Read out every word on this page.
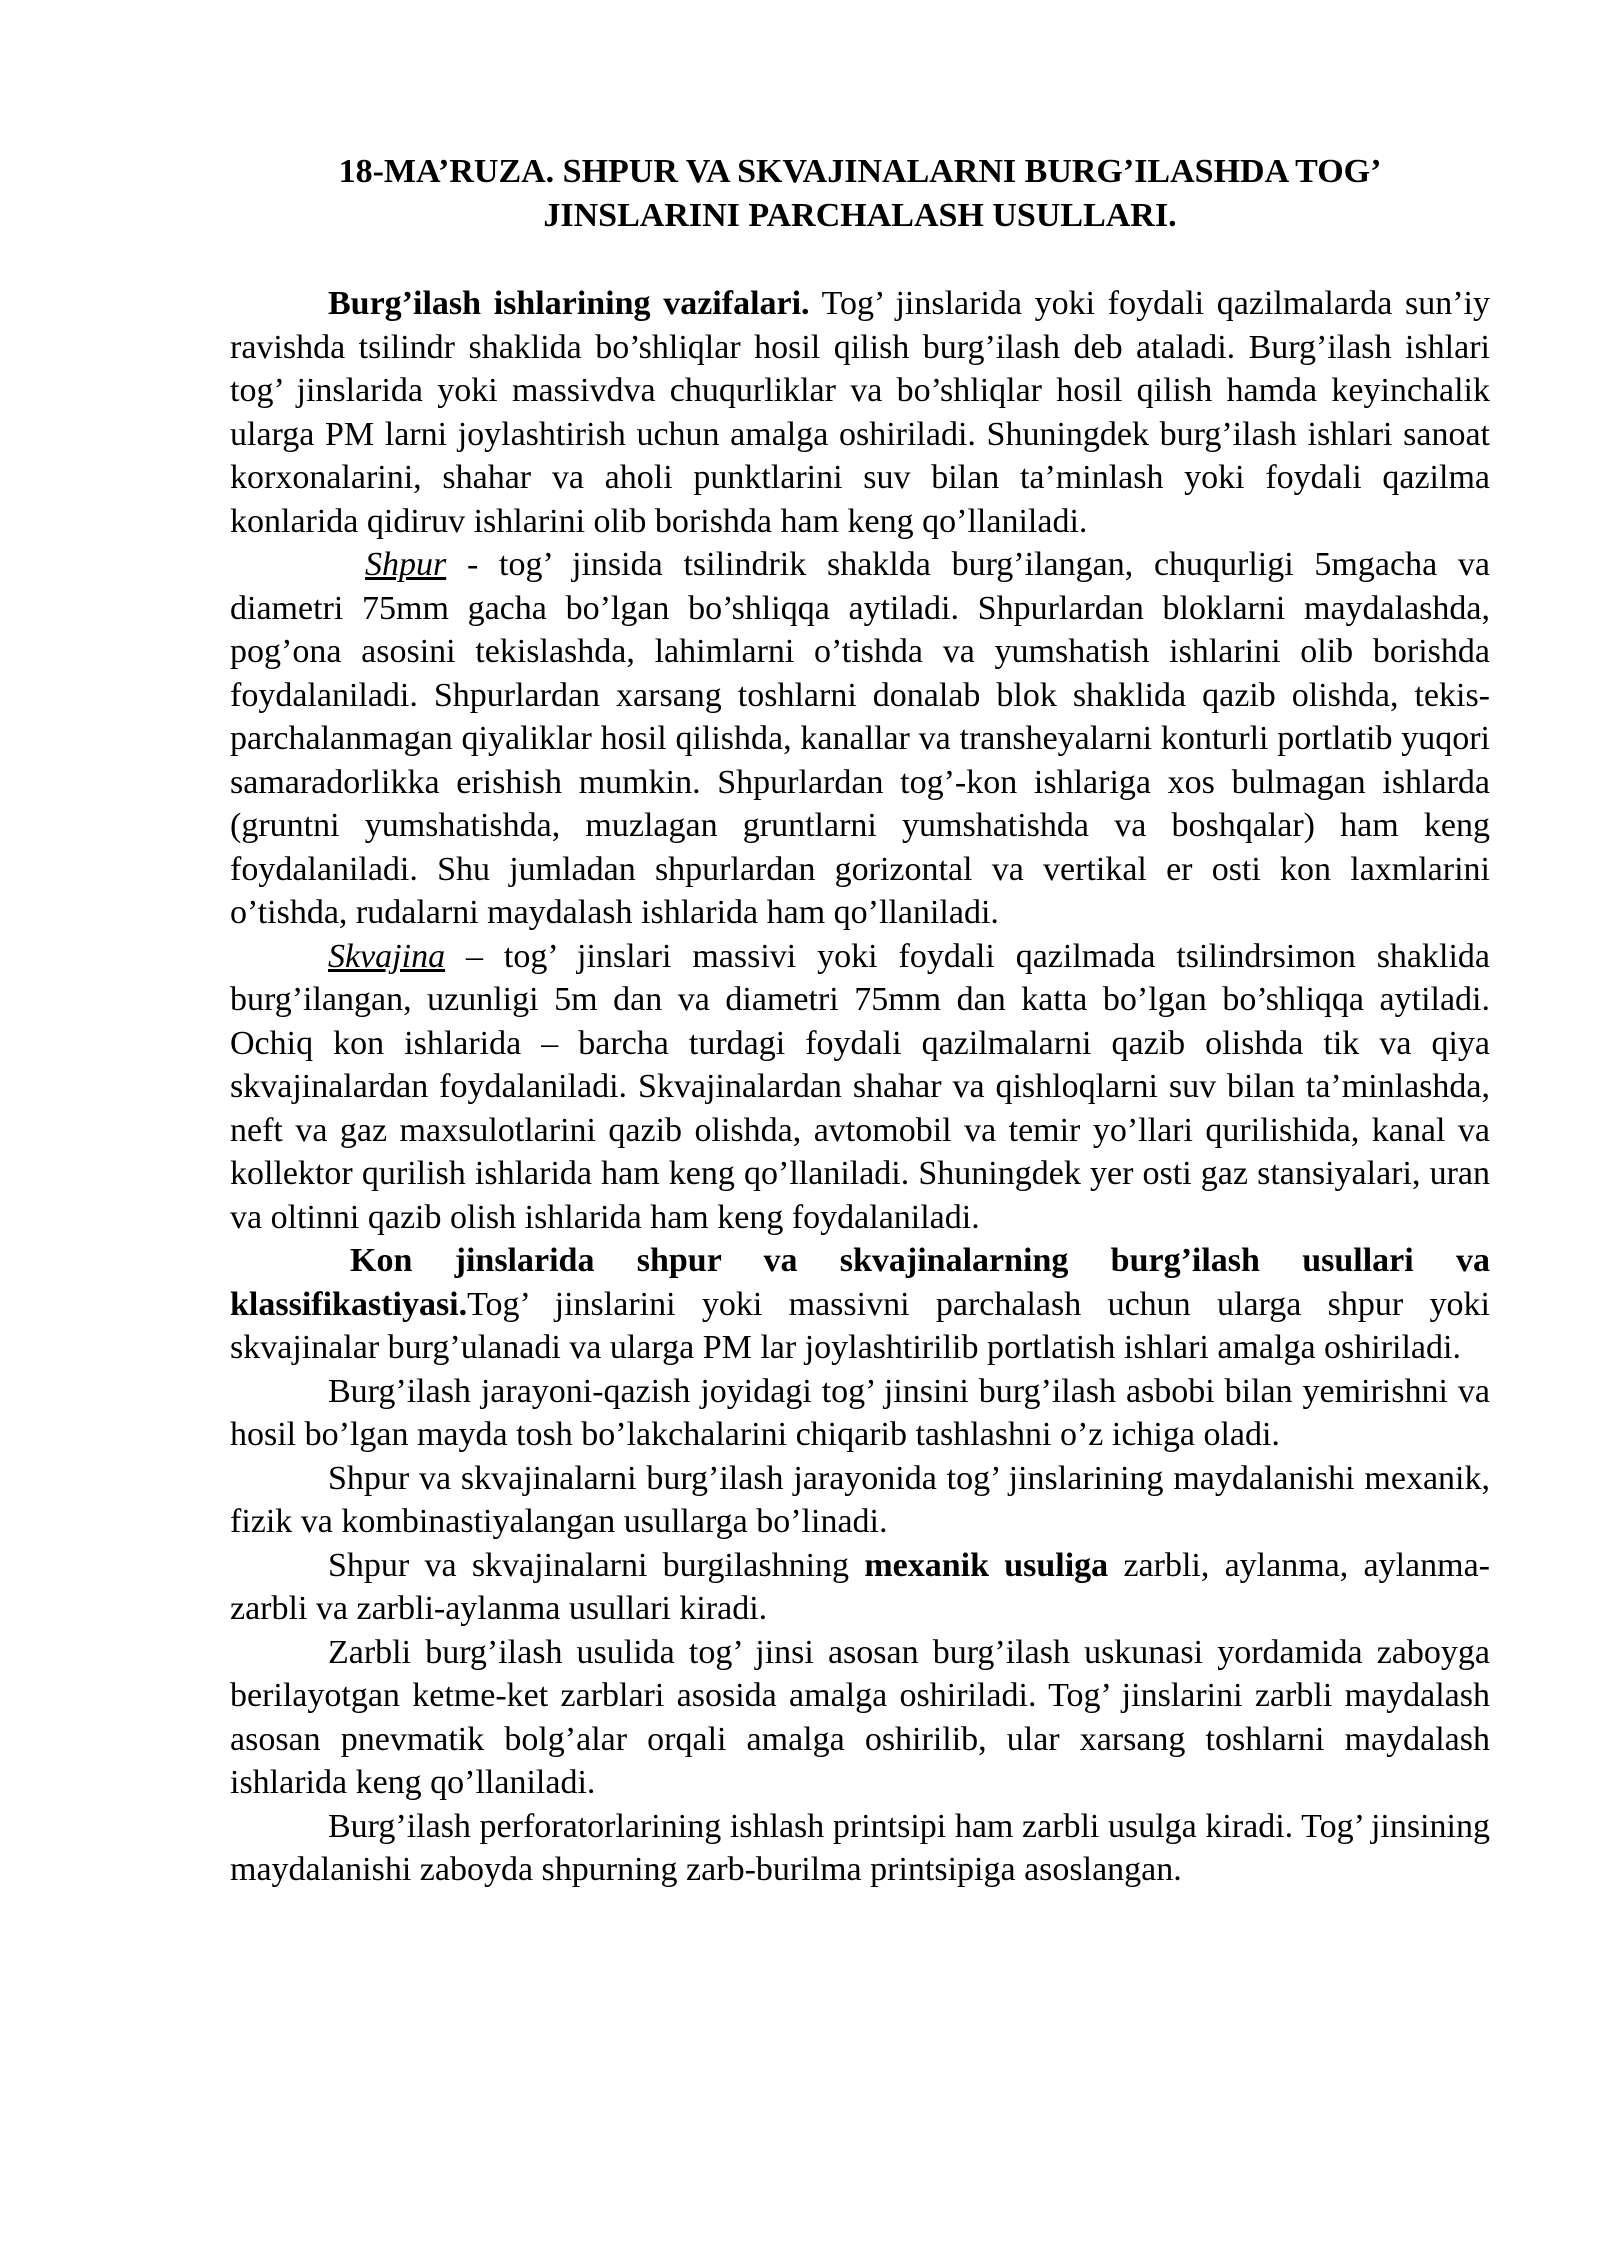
18-MA’RUZA. SHPUR VA SKVAJINALARNI BURG’ILASHDA TOG’
JINSLARINI PARCHALASH USULLARI.

Burg’ilash ishlarining vazifalari. Tog’ jinslarida yoki foydali qazilmalarda sun’iy ravishda tsilindr shaklida bo’shliqlar hosil qilish burg’ilash deb ataladi. Burg’ilash ishlari tog’ jinslarida yoki massivdva chuqurliklar va bo’shliqlar hosil qilish hamda keyinchalik ularga PM larni joylashtirish uchun amalga oshiriladi. Shuningdek burg’ilash ishlari sanoat korxonalarini, shahar va aholi punktlarini suv bilan ta’minlash yoki foydali qazilma konlarida qidiruv ishlarini olib borishda ham keng qo’llaniladi.

Shpur - tog’ jinsida tsilindrik shaklda burg’ilangan, chuqurligi 5mgacha va diametri 75mm gacha bo’lgan bo’shliqqa aytiladi. Shpurlardan bloklarni maydalashda, pog’ona asosini tekislashda, lahimlarni o’tishda va yumshatish ishlarini olib borishda foydalaniladi. Shpurlardan xarsang toshlarni donalab blok shaklida qazib olishda, tekis-parchalanmagan qiyaliklar hosil qilishda, kanallar va transheyalarni konturli portlatib yuqori samaradorlikka erishish mumkin. Shpurlardan tog’-kon ishlariga xos bulmagan ishlarda (gruntni yumshatishda, muzlagan gruntlarni yumshatishda va boshqalar) ham keng foydalaniladi. Shu jumladan shpurlardan gorizontal va vertikal er osti kon laxmlarini o’tishda, rudalarni maydalash ishlarida ham qo’llaniladi.

Skvajina – tog’ jinslari massivi yoki foydali qazilmada tsilindrsimon shaklida burg’ilangan, uzunligi 5m dan va diametri 75mm dan katta bo’lgan bo’shliqqa aytiladi. Ochiq kon ishlarida – barcha turdagi foydali qazilmalarni qazib olishda tik va qiya skvajinalardan foydalaniladi. Skvajinalardan shahar va qishloqlarni suv bilan ta’minlashda, neft va gaz maxsulotlarini qazib olishda, avtomobil va temir yo’llari qurilishida, kanal va kollektor qurilish ishlarida ham keng qo’llaniladi. Shuningdek yer osti gaz stansiyalari, uran va oltinni qazib olish ishlarida ham keng foydalaniladi.

Kon jinslarida shpur va skvajinalarning burg’ilash usullari va klassifikastiyasi.Tog’ jinslarini yoki massivni parchalash uchun ularga shpur yoki skvajinalar burg’ulanadi va ularga PM lar joylashtirilib portlatish ishlari amalga oshiriladi.

Burg’ilash jarayoni-qazish joyidagi tog’ jinsini burg’ilash asbobi bilan yemirishni va hosil bo’lgan mayda tosh bo’lakchalarini chiqarib tashlashni o’z ichiga oladi.

Shpur va skvajinalarni burg’ilash jarayonida tog’ jinslarining maydalanishi mexanik, fizik va kombinastiyalangan usullarga bo’linadi.

Shpur va skvajinalarni burgilashning mexanik usuliga zarbli, aylanma, aylanma-zarbli va zarbli-aylanma usullari kiradi.

Zarbli burg’ilash usulida tog’ jinsi asosan burg’ilash uskunasi yordamida zaboyga berilayotgan ketme-ket zarblari asosida amalga oshiriladi. Tog’ jinslarini zarbli maydalash asosan pnevmatik bolg’alar orqali amalga oshirilib, ular xarsang toshlarni maydalash ishlarida keng qo’llaniladi.

Burg’ilash perforatorlarining ishlash printsipi ham zarbli usulga kiradi. Tog’ jinsining maydalanishi zaboyda shpurning zarb-burilma printsipiga asoslangan.
